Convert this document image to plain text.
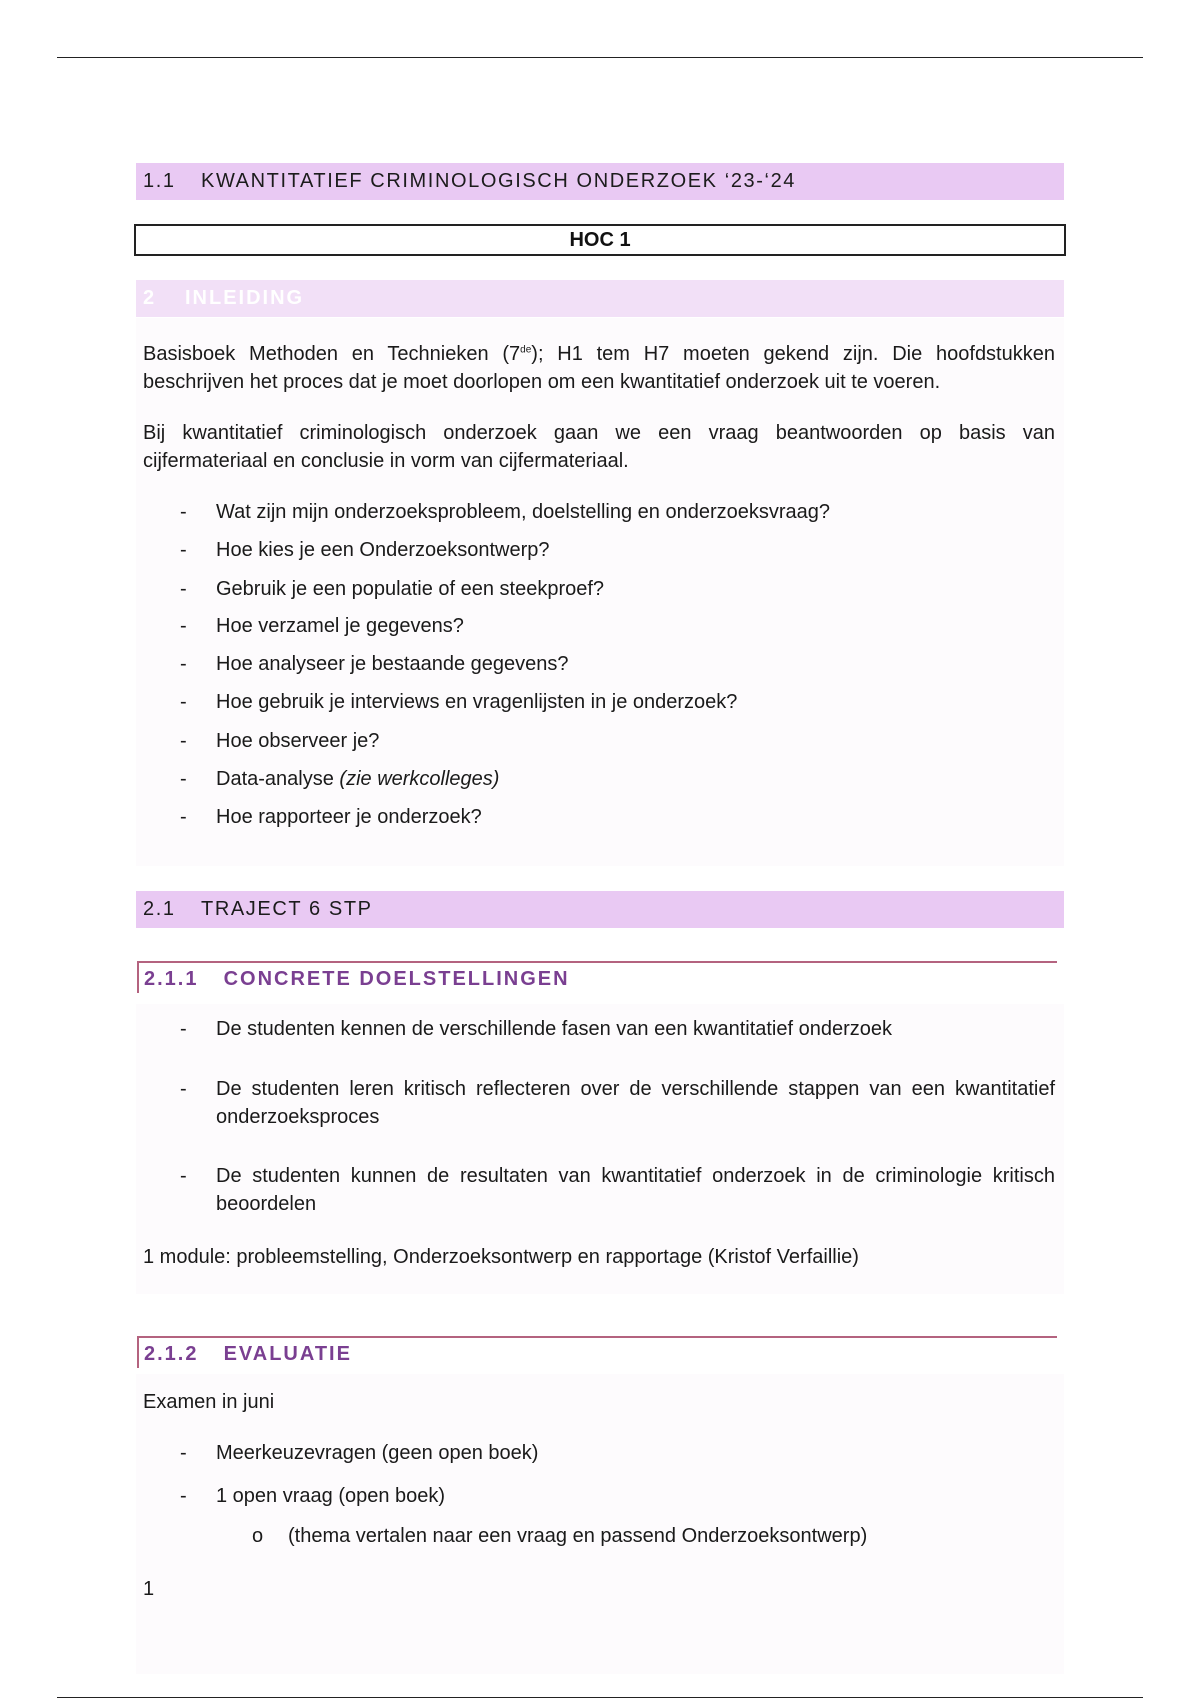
1.1	KWANTITATIEF CRIMINOLOGISCH ONDERZOEK ‘23-‘24
HOC 1
2	INLEIDING

Basisboek Methoden en Technieken (7de); H1 tem H7 moeten gekend zijn. Die hoofdstukken beschrijven het proces dat je moet doorlopen om een kwantitatief onderzoek uit te voeren.

Bij kwantitatief criminologisch onderzoek gaan we een vraag beantwoorden op basis van cijfermateriaal en conclusie in vorm van cijfermateriaal.

-	Wat zijn mijn onderzoeksprobleem, doelstelling en onderzoeksvraag?
-	Hoe kies je een Onderzoeksontwerp?
-	Gebruik je een populatie of een steekproef?
-	Hoe verzamel je gegevens?
-	Hoe analyseer je bestaande gegevens?
-	Hoe gebruik je interviews en vragenlijsten in je onderzoek?
-	Hoe observeer je?
-	Data-analyse (zie werkcolleges)
-	Hoe rapporteer je onderzoek?
2.1	TRAJECT 6 STP
2.1.1 CONCRETE DOELSTELLINGEN
-	De studenten kennen de verschillende fasen van een kwantitatief onderzoek
-	De studenten leren kritisch reflecteren over de verschillende stappen van een kwantitatief onderzoeksproces
-	De studenten kunnen de resultaten van kwantitatief onderzoek in de criminologie kritisch beoordelen

1 module: probleemstelling, Onderzoeksontwerp en rapportage (Kristof Verfaillie)

2.1.2 EVALUATIE

Examen in juni

-	Meerkeuzevragen (geen open boek)
-	1 open vraag (open boek)
o	(thema vertalen naar een vraag en passend Onderzoeksontwerp)
1
